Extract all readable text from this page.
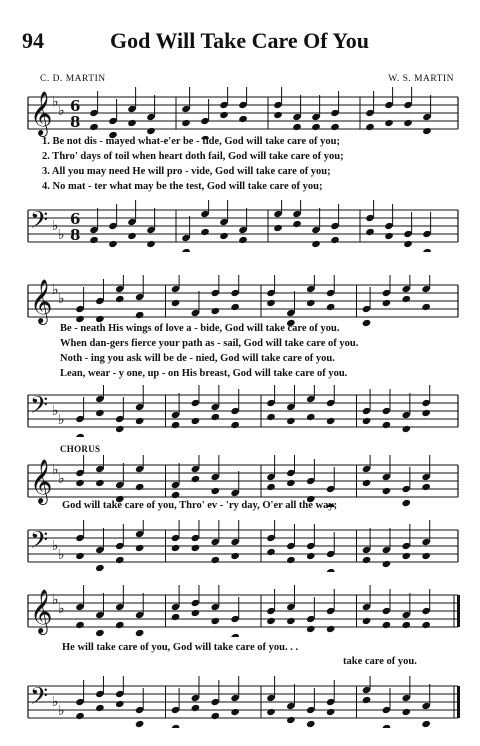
94	God Will Take Care Of You
C. D. MARTIN	W. S. MARTIN
𝄞 ♭
♭ 6
8
1. Be not dis - mayed what-e'er be - tide, God will take care of you;
2. Thro' days of toil when heart doth fail, God will take care of you;
3. All you may need He will pro - vide, God will take care of you;
4. No mat - ter what may be the test, God will take care of you;
𝄢 ♭
♭
6
8
𝄞 ♭
♭
Be - neath His wings of love a - bide, God will take care of you.
When dan-gers fierce your path as - sail, God will take care of you.
Noth - ing you ask will be de - nied, God will take care of you.
Lean, wear - y one, up - on His breast, God will take care of you.
𝄢 ♭
♭
CHORUS
𝄞 ♭
♭
God will take care of you, Thro' ev - 'ry day, O'er all the way;
𝄢 ♭
♭
𝄞 ♭
♭
He will take care of you, God will take care of you. . .
take care of you.
𝄢 ♭
♭
